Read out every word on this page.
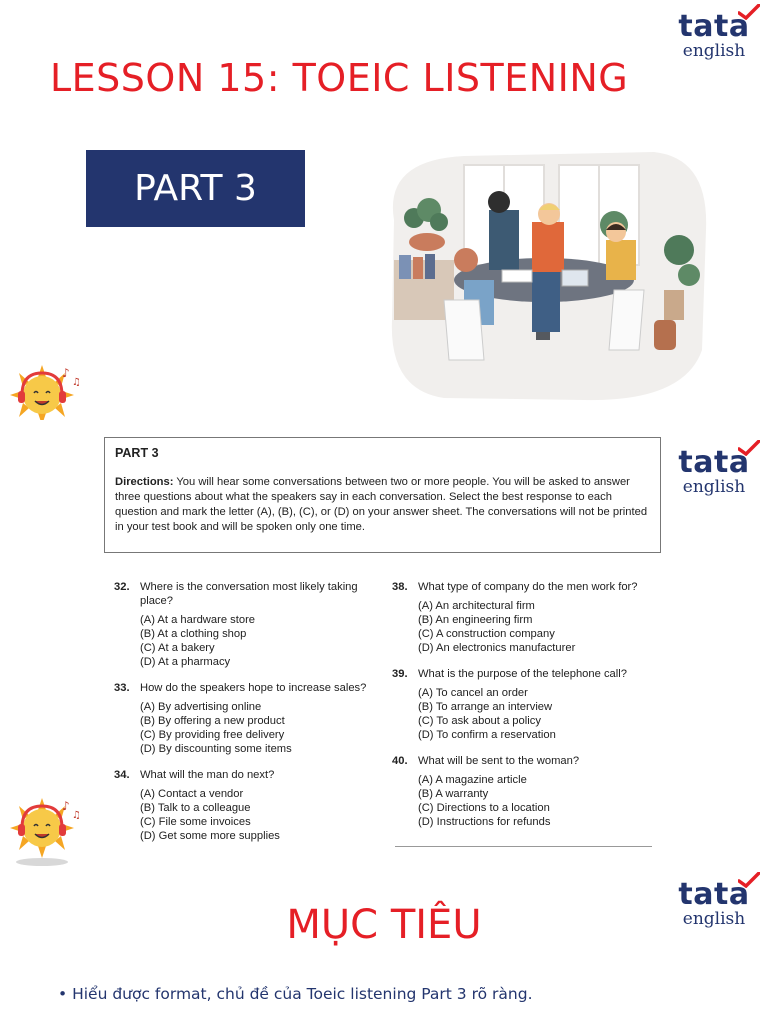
tata
english
LESSON 15: TOEIC LISTENING
PART 3
♪
♫
tata
english
PART 3
Directions: You will hear some conversations between two or more people. You will be asked to answer three questions about what the speakers say in each conversation. Select the best response to each question and mark the letter (A), (B), (C), or (D) on your answer sheet. The conversations will not be printed in your test book and will be spoken only one time.
32. Where is the conversation most likely taking place?
(A) At a hardware store
(B) At a clothing shop
(C) At a bakery
(D) At a pharmacy
33. How do the speakers hope to increase sales?
(A) By advertising online
(B) By offering a new product
(C) By providing free delivery
(D) By discounting some items
34. What will the man do next?
(A) Contact a vendor
(B) Talk to a colleague
(C) File some invoices
(D) Get some more supplies
38. What type of company do the men work for?
(A) An architectural firm
(B) An engineering firm
(C) A construction company
(D) An electronics manufacturer
39. What is the purpose of the telephone call?
(A) To cancel an order
(B) To arrange an interview
(C) To ask about a policy
(D) To confirm a reservation
40. What will be sent to the woman?
(A) A magazine article
(B) A warranty
(C) Directions to a location
(D) Instructions for refunds
♪
♫
tata
english
MỤC TIÊU
• Hiểu được format, chủ đề của Toeic listening Part 3 rõ ràng.
